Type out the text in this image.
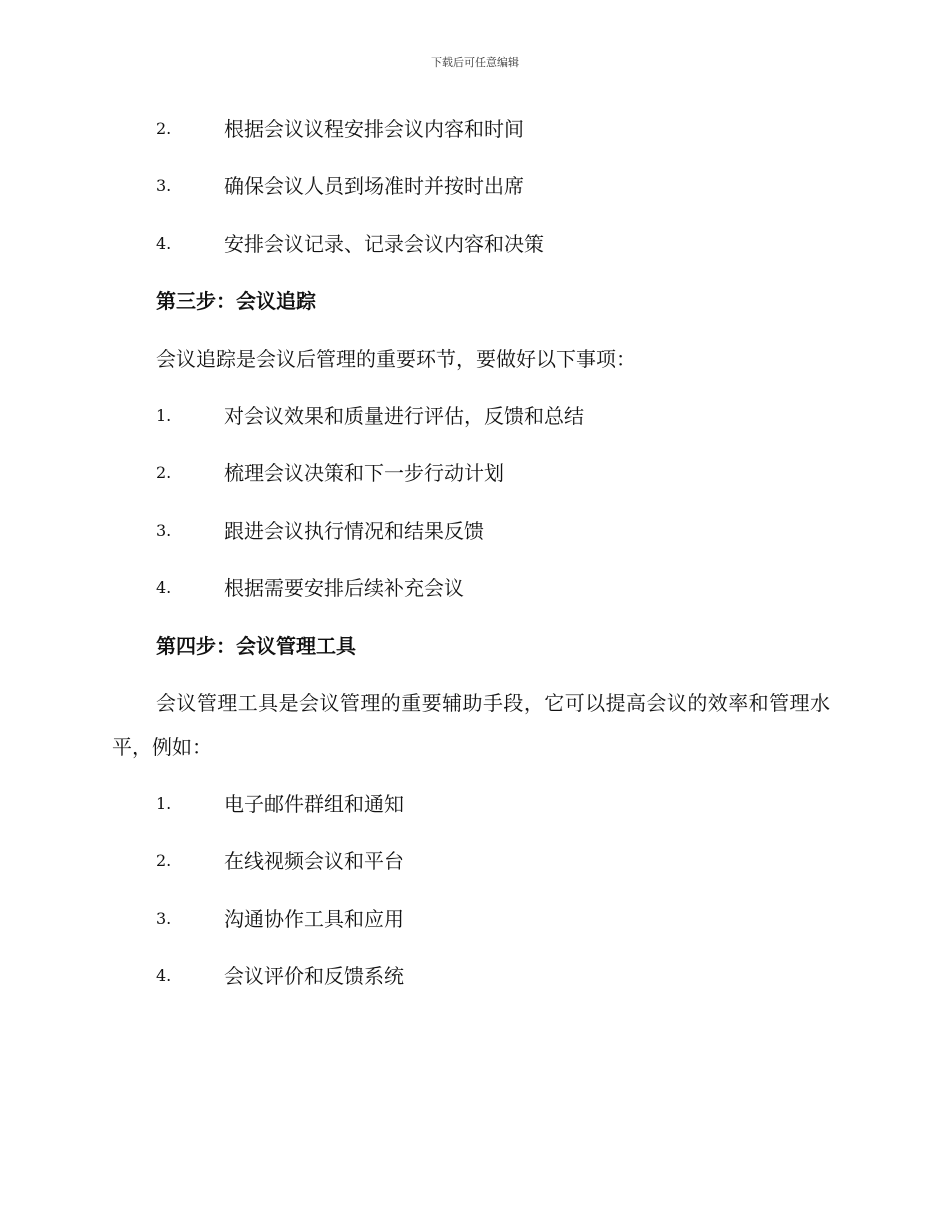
下载后可任意编辑
2.	根据会议议程安排会议内容和时间
3.	确保会议人员到场准时并按时出席
4.	安排会议记录、记录会议内容和决策
第三步：会议追踪
会议追踪是会议后管理的重要环节，要做好以下事项：
1.	对会议效果和质量进行评估，反馈和总结
2.	梳理会议决策和下一步行动计划
3.	跟进会议执行情况和结果反馈
4.	根据需要安排后续补充会议
第四步：会议管理工具
会议管理工具是会议管理的重要辅助手段，它可以提高会议的效率和管理水平，例如：
1.	电子邮件群组和通知
2.	在线视频会议和平台
3.	沟通协作工具和应用
4.	会议评价和反馈系统
